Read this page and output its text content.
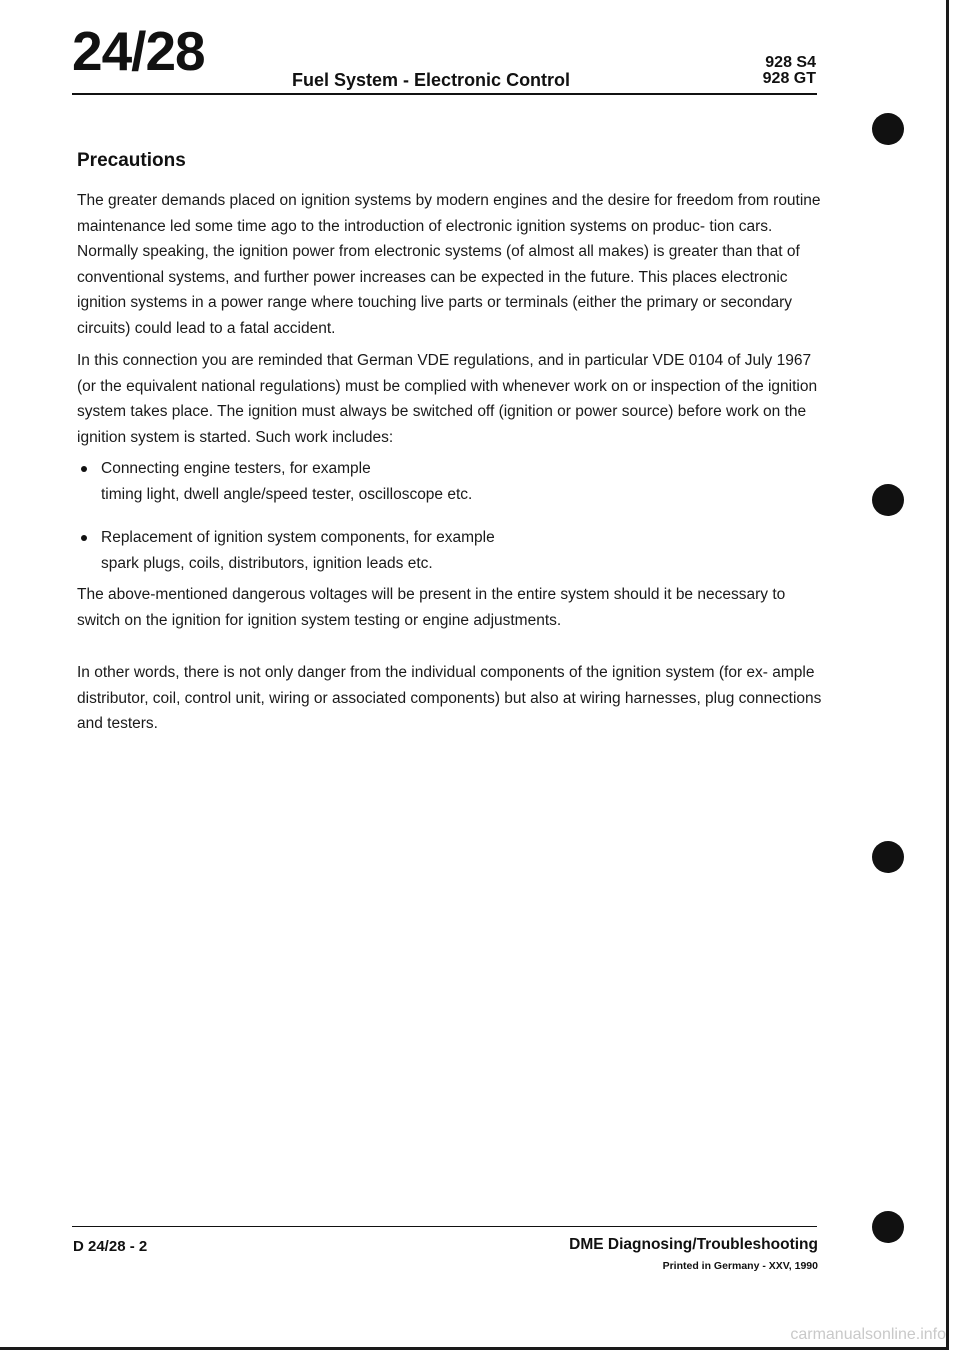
24/28	Fuel System - Electronic Control
928 S4
928 GT
Precautions

The greater demands placed on ignition systems by modern engines and the desire for freedom from routine maintenance led some time ago to the introduction of electronic ignition systems on produc- tion cars. Normally speaking, the ignition power from electronic systems (of almost all makes) is greater than that of conventional systems, and further power increases can be expected in the future. This places electronic ignition systems in a power range where touching live parts or terminals (either the primary or secondary circuits) could lead to a fatal accident.

In this connection you are reminded that German VDE regulations, and in particular VDE 0104 of July 1967 (or the equivalent national regulations) must be complied with whenever work on or inspection of the ignition system takes place. The ignition must always be switched off (ignition or power source) before work on the ignition system is started. Such work includes:

Connecting engine testers, for example
timing light, dwell angle/speed tester, oscilloscope etc.
Replacement of ignition system components, for example
spark plugs, coils, distributors, ignition leads etc.

The above-mentioned dangerous voltages will be present in the entire system should it be necessary to switch on the ignition for ignition system testing or engine adjustments.

In other words, there is not only danger from the individual components of the ignition system (for ex- ample distributor, coil, control unit, wiring or associated components) but also at wiring harnesses, plug connections and testers.

D 24/28 - 2	DME Diagnosing/Troubleshooting
Printed in Germany - XXV, 1990
carmanualsonline.info
